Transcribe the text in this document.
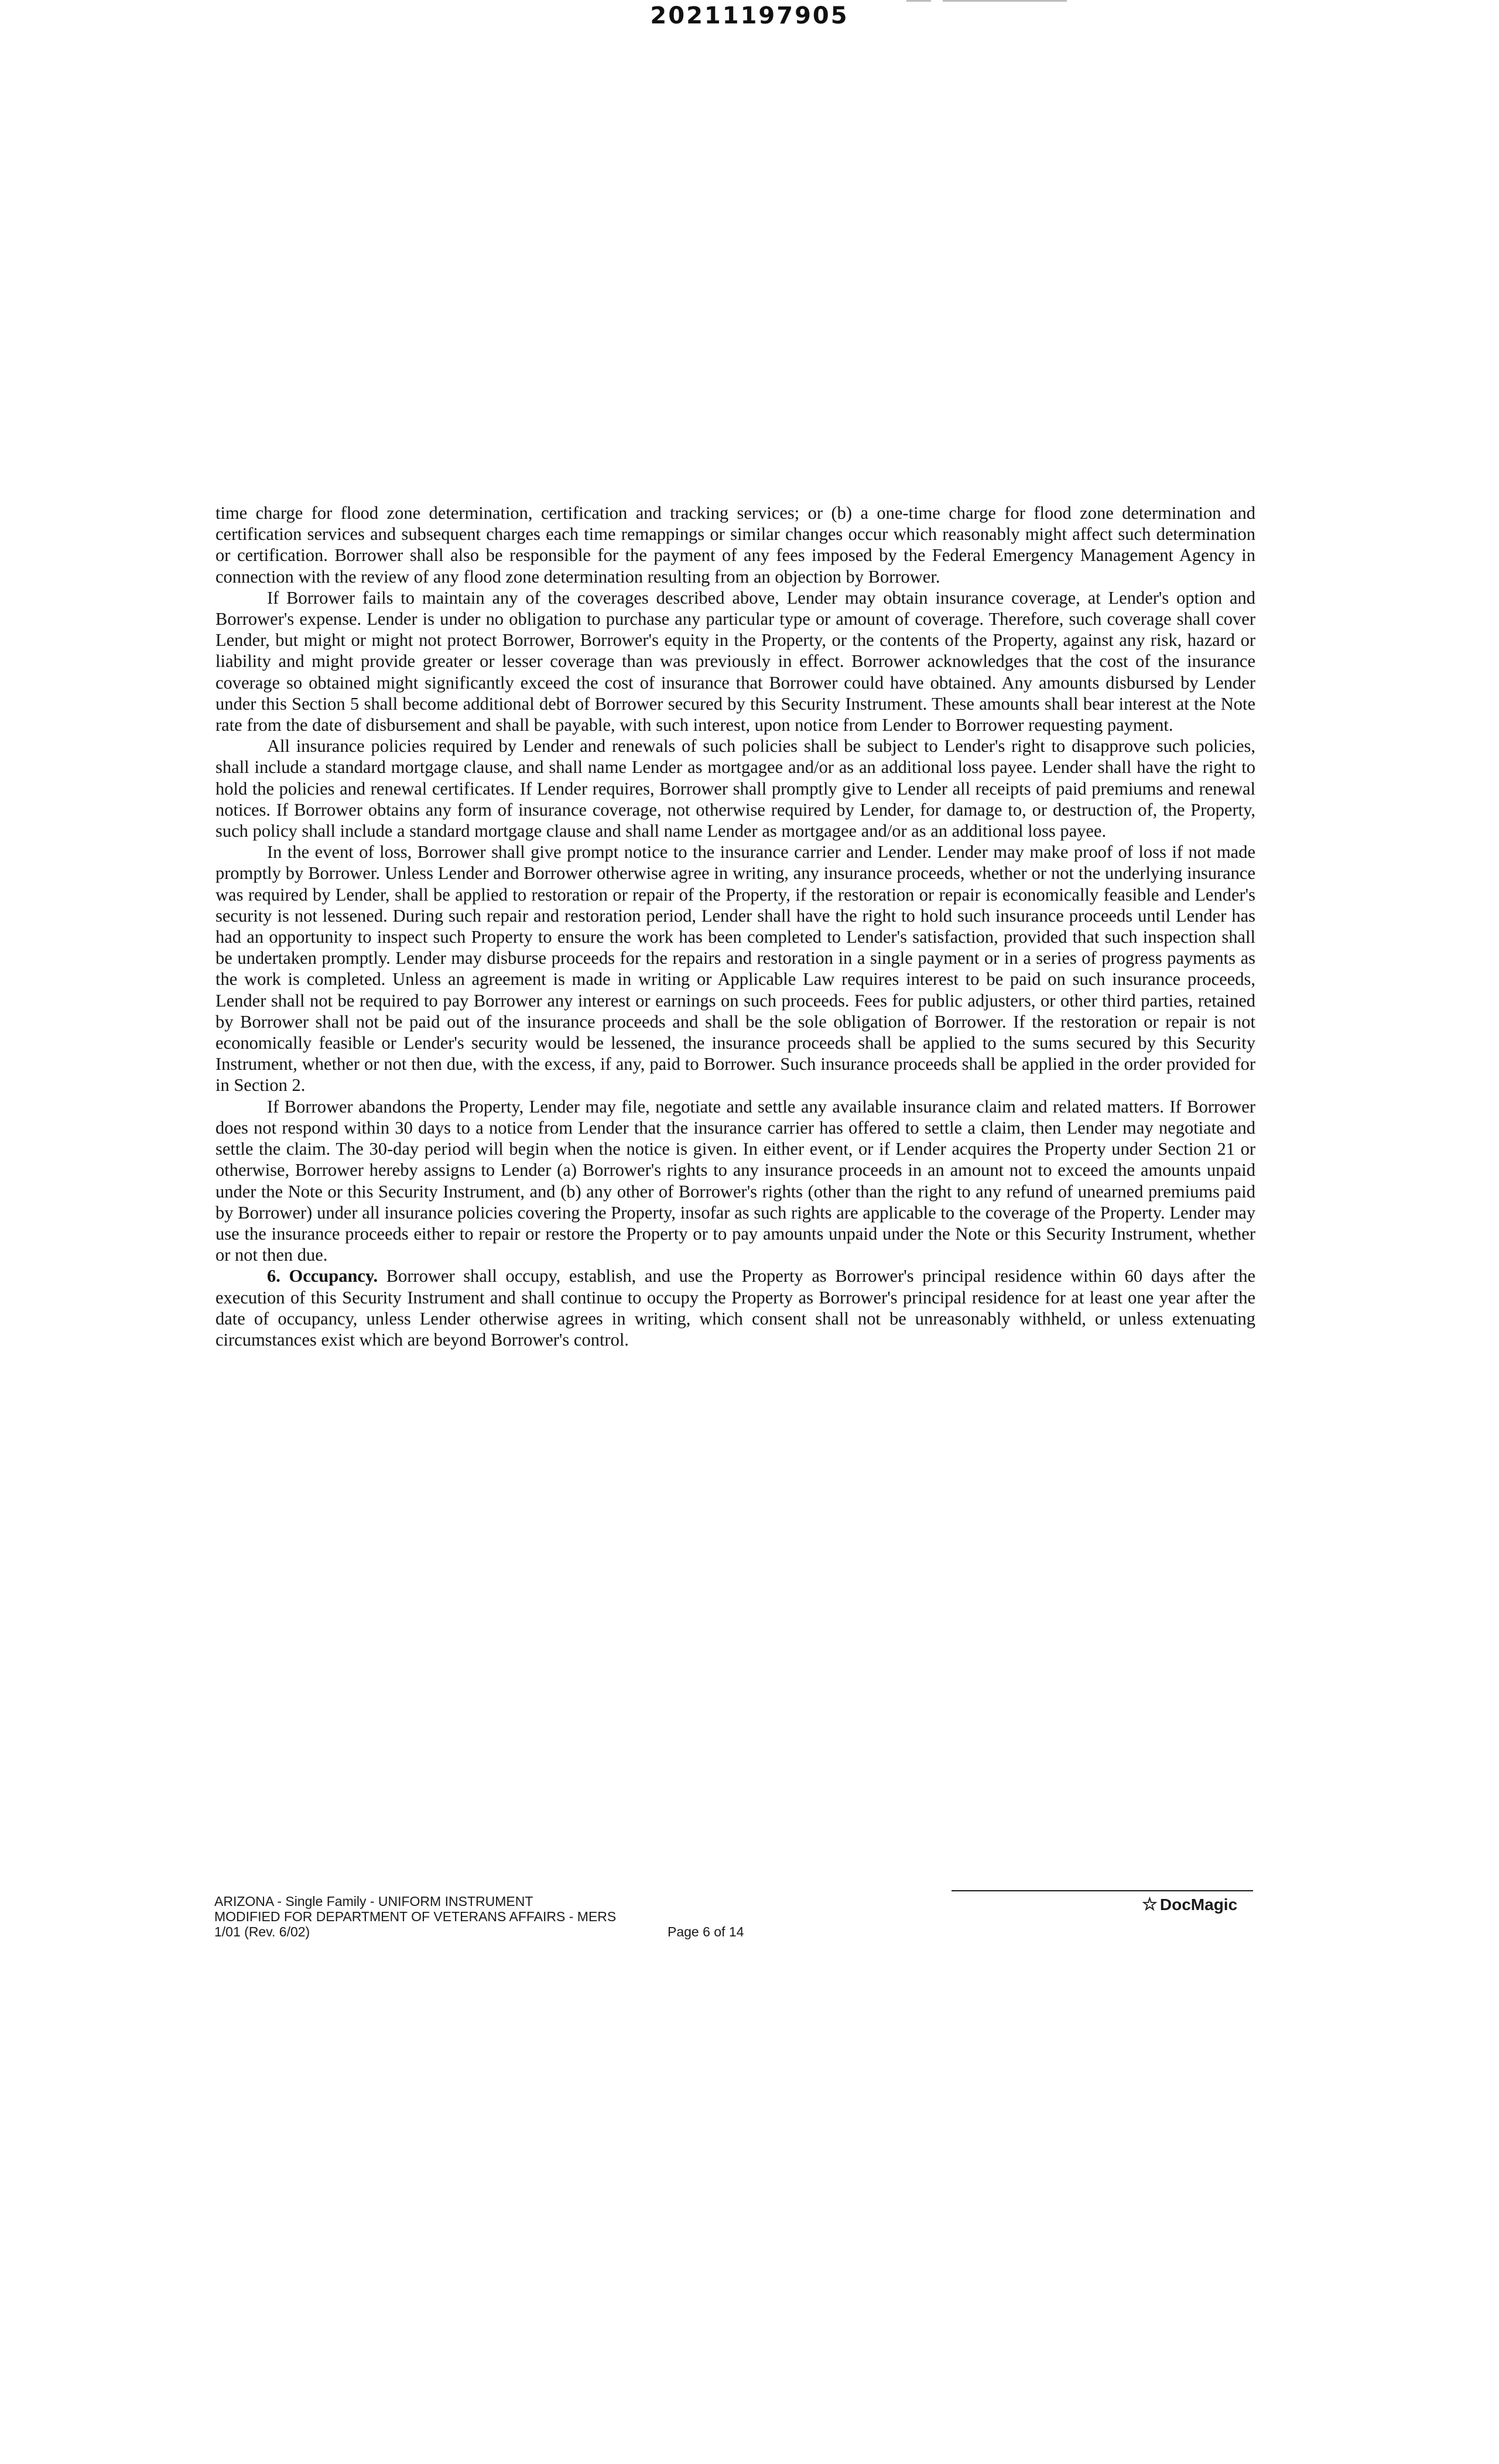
20211197905

time charge for flood zone determination, certification and tracking services; or (b) a one-time charge for flood zone determination and certification services and subsequent charges each time remappings or similar changes occur which reasonably might affect such determination or certification. Borrower shall also be responsible for the payment of any fees imposed by the Federal Emergency Management Agency in connection with the review of any flood zone determination resulting from an objection by Borrower.

If Borrower fails to maintain any of the coverages described above, Lender may obtain insurance coverage, at Lender's option and Borrower's expense. Lender is under no obligation to purchase any particular type or amount of coverage. Therefore, such coverage shall cover Lender, but might or might not protect Borrower, Borrower's equity in the Property, or the contents of the Property, against any risk, hazard or liability and might provide greater or lesser coverage than was previously in effect. Borrower acknowledges that the cost of the insurance coverage so obtained might significantly exceed the cost of insurance that Borrower could have obtained. Any amounts disbursed by Lender under this Section 5 shall become additional debt of Borrower secured by this Security Instrument. These amounts shall bear interest at the Note rate from the date of disbursement and shall be payable, with such interest, upon notice from Lender to Borrower requesting payment.

All insurance policies required by Lender and renewals of such policies shall be subject to Lender's right to disapprove such policies, shall include a standard mortgage clause, and shall name Lender as mortgagee and/or as an additional loss payee. Lender shall have the right to hold the policies and renewal certificates. If Lender requires, Borrower shall promptly give to Lender all receipts of paid premiums and renewal notices. If Borrower obtains any form of insurance coverage, not otherwise required by Lender, for damage to, or destruction of, the Property, such policy shall include a standard mortgage clause and shall name Lender as mortgagee and/or as an additional loss payee.

In the event of loss, Borrower shall give prompt notice to the insurance carrier and Lender. Lender may make proof of loss if not made promptly by Borrower. Unless Lender and Borrower otherwise agree in writing, any insurance proceeds, whether or not the underlying insurance was required by Lender, shall be applied to restoration or repair of the Property, if the restoration or repair is economically feasible and Lender's security is not lessened. During such repair and restoration period, Lender shall have the right to hold such insurance proceeds until Lender has had an opportunity to inspect such Property to ensure the work has been completed to Lender's satisfaction, provided that such inspection shall be undertaken promptly. Lender may disburse proceeds for the repairs and restoration in a single payment or in a series of progress payments as the work is completed. Unless an agreement is made in writing or Applicable Law requires interest to be paid on such insurance proceeds, Lender shall not be required to pay Borrower any interest or earnings on such proceeds. Fees for public adjusters, or other third parties, retained by Borrower shall not be paid out of the insurance proceeds and shall be the sole obligation of Borrower. If the restoration or repair is not economically feasible or Lender's security would be lessened, the insurance proceeds shall be applied to the sums secured by this Security Instrument, whether or not then due, with the excess, if any, paid to Borrower. Such insurance proceeds shall be applied in the order provided for in Section 2.

If Borrower abandons the Property, Lender may file, negotiate and settle any available insurance claim and related matters. If Borrower does not respond within 30 days to a notice from Lender that the insurance carrier has offered to settle a claim, then Lender may negotiate and settle the claim. The 30-day period will begin when the notice is given. In either event, or if Lender acquires the Property under Section 21 or otherwise, Borrower hereby assigns to Lender (a) Borrower's rights to any insurance proceeds in an amount not to exceed the amounts unpaid under the Note or this Security Instrument, and (b) any other of Borrower's rights (other than the right to any refund of unearned premiums paid by Borrower) under all insurance policies covering the Property, insofar as such rights are applicable to the coverage of the Property. Lender may use the insurance proceeds either to repair or restore the Property or to pay amounts unpaid under the Note or this Security Instrument, whether or not then due.

6. Occupancy. Borrower shall occupy, establish, and use the Property as Borrower's principal residence within 60 days after the execution of this Security Instrument and shall continue to occupy the Property as Borrower's principal residence for at least one year after the date of occupancy, unless Lender otherwise agrees in writing, which consent shall not be unreasonably withheld, or unless extenuating circumstances exist which are beyond Borrower's control.

ARIZONA - Single Family - UNIFORM INSTRUMENT
MODIFIED FOR DEPARTMENT OF VETERANS AFFAIRS - MERS
1/01 (Rev. 6/02)	Page 6 of 14
☆ DocMagic
